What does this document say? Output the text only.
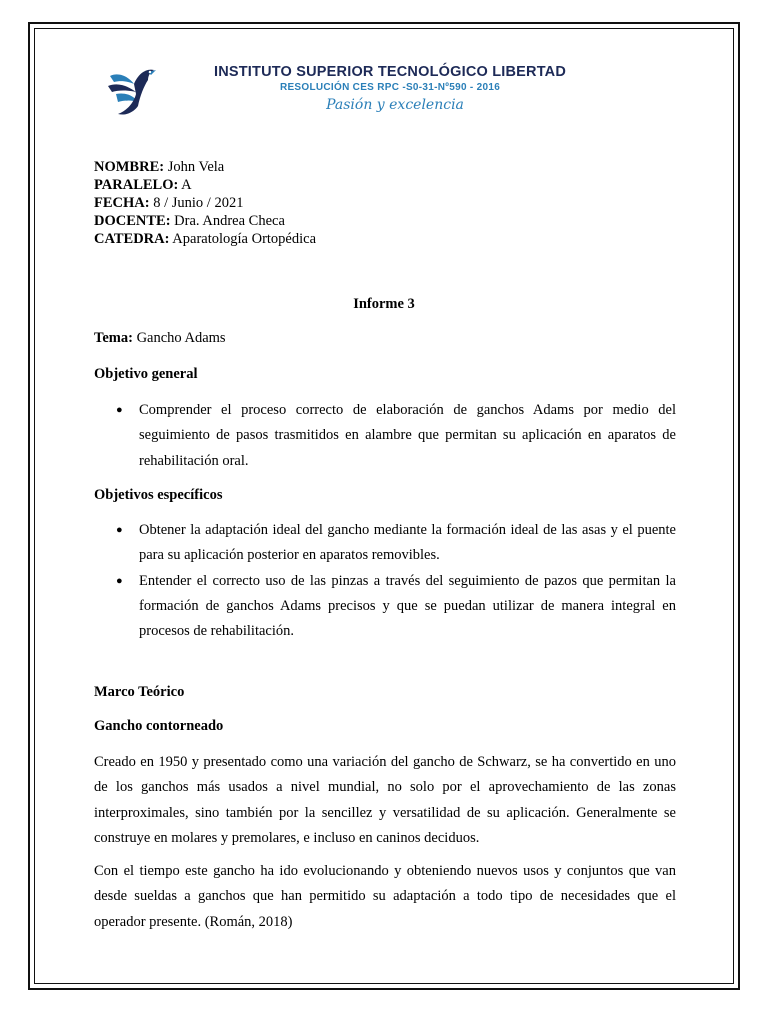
INSTITUTO SUPERIOR TECNOLÓGICO LIBERTAD
RESOLUCIÓN CES RPC -S0-31-Nº590 - 2016
Pasión y excelencia
NOMBRE: John Vela
PARALELO: A
FECHA: 8 / Junio / 2021
DOCENTE: Dra. Andrea Checa
CATEDRA: Aparatología Ortopédica
Informe 3
Tema: Gancho Adams
Objetivo general
● Comprender el proceso correcto de elaboración de ganchos Adams por medio del seguimiento de pasos trasmitidos en alambre que permitan su aplicación en aparatos de rehabilitación oral.
Objetivos específicos
● Obtener la adaptación ideal del gancho mediante la formación ideal de las asas y el puente para su aplicación posterior en aparatos removibles.
● Entender el correcto uso de las pinzas a través del seguimiento de pazos que permitan la formación de ganchos Adams precisos y que se puedan utilizar de manera integral en procesos de rehabilitación.
Marco Teórico
Gancho contorneado

Creado en 1950 y presentado como una variación del gancho de Schwarz, se ha convertido en uno de los ganchos más usados a nivel mundial, no solo por el aprovechamiento de las zonas interproximales, sino también por la sencillez y versatilidad de su aplicación. Generalmente se construye en molares y premolares, e incluso en caninos deciduos.

Con el tiempo este gancho ha ido evolucionando y obteniendo nuevos usos y conjuntos que van desde sueldas a ganchos que han permitido su adaptación a todo tipo de necesidades que el operador presente. (Román, 2018)
